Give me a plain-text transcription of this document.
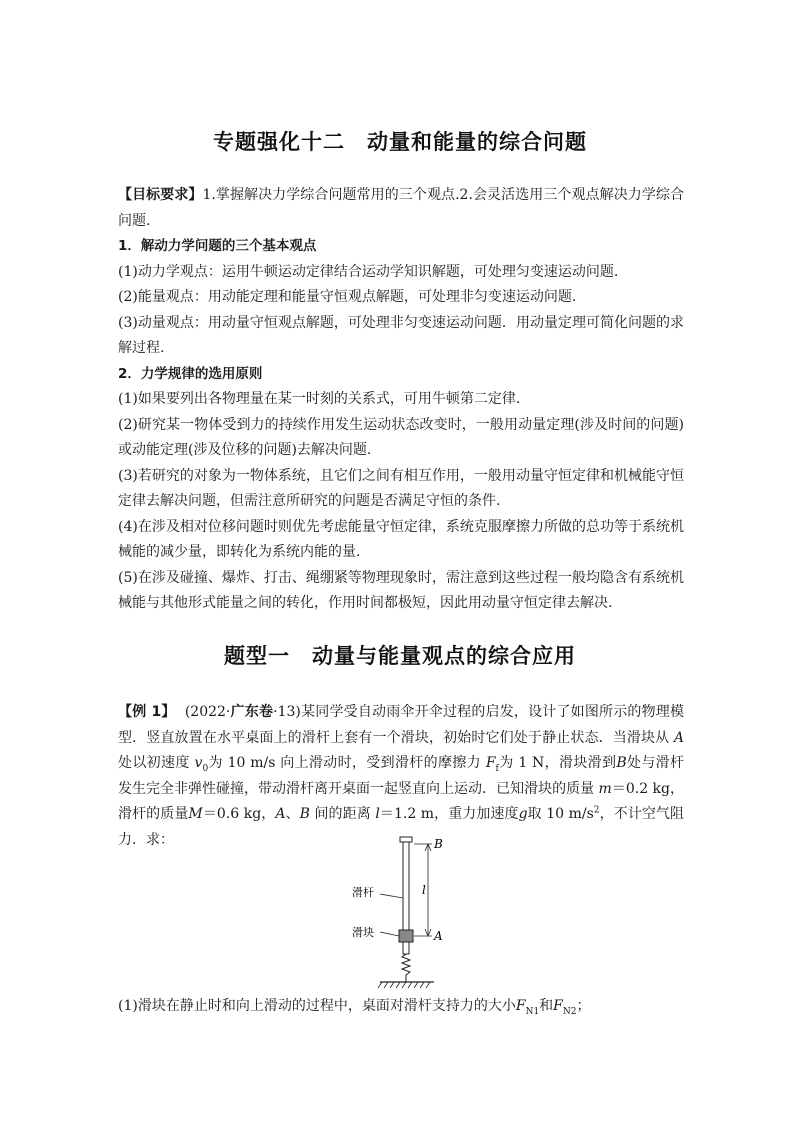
专题强化十二 动量和能量的综合问题

【目标要求】1.掌握解决力学综合问题常用的三个观点.2.会灵活选用三个观点解决力学综合问题.

1．解动力学问题的三个基本观点

(1)动力学观点：运用牛顿运动定律结合运动学知识解题，可处理匀变速运动问题.

(2)能量观点：用动能定理和能量守恒观点解题，可处理非匀变速运动问题.

(3)动量观点：用动量守恒观点解题，可处理非匀变速运动问题．用动量定理可简化问题的求解过程.

2．力学规律的选用原则

(1)如果要列出各物理量在某一时刻的关系式，可用牛顿第二定律.

(2)研究某一物体受到力的持续作用发生运动状态改变时，一般用动量定理(涉及时间的问题)或动能定理(涉及位移的问题)去解决问题.

(3)若研究的对象为一物体系统，且它们之间有相互作用，一般用动量守恒定律和机械能守恒定律去解决问题，但需注意所研究的问题是否满足守恒的条件.

(4)在涉及相对位移问题时则优先考虑能量守恒定律，系统克服摩擦力所做的总功等于系统机械能的减少量，即转化为系统内能的量.

(5)在涉及碰撞、爆炸、打击、绳绷紧等物理现象时，需注意到这些过程一般均隐含有系统机械能与其他形式能量之间的转化，作用时间都极短，因此用动量守恒定律去解决.

题型一 动量与能量观点的综合应用

【例 1】 (2022·广东卷·13)某同学受自动雨伞开伞过程的启发，设计了如图所示的物理模型．竖直放置在水平桌面上的滑杆上套有一个滑块，初始时它们处于静止状态．当滑块从 A 处以初速度 $v_0$为 10 m/s 向上滑动时，受到滑杆的摩擦力 $F_f$为 1 N，滑块滑到B处与滑杆发生完全非弹性碰撞，带动滑杆离开桌面一起竖直向上运动．已知滑块的质量 m＝0.2 kg，滑杆的质量M＝0.6 kg，A、B 间的距离 l＝1.2 m，重力加速度g取 10 $m/s^2$，不计空气阻力．求：	B
A
l
滑杆
滑块
(1)滑块在静止时和向上滑动的过程中，桌面对滑杆支持力的大小$F_{N1}$和$F_{N2}$；
